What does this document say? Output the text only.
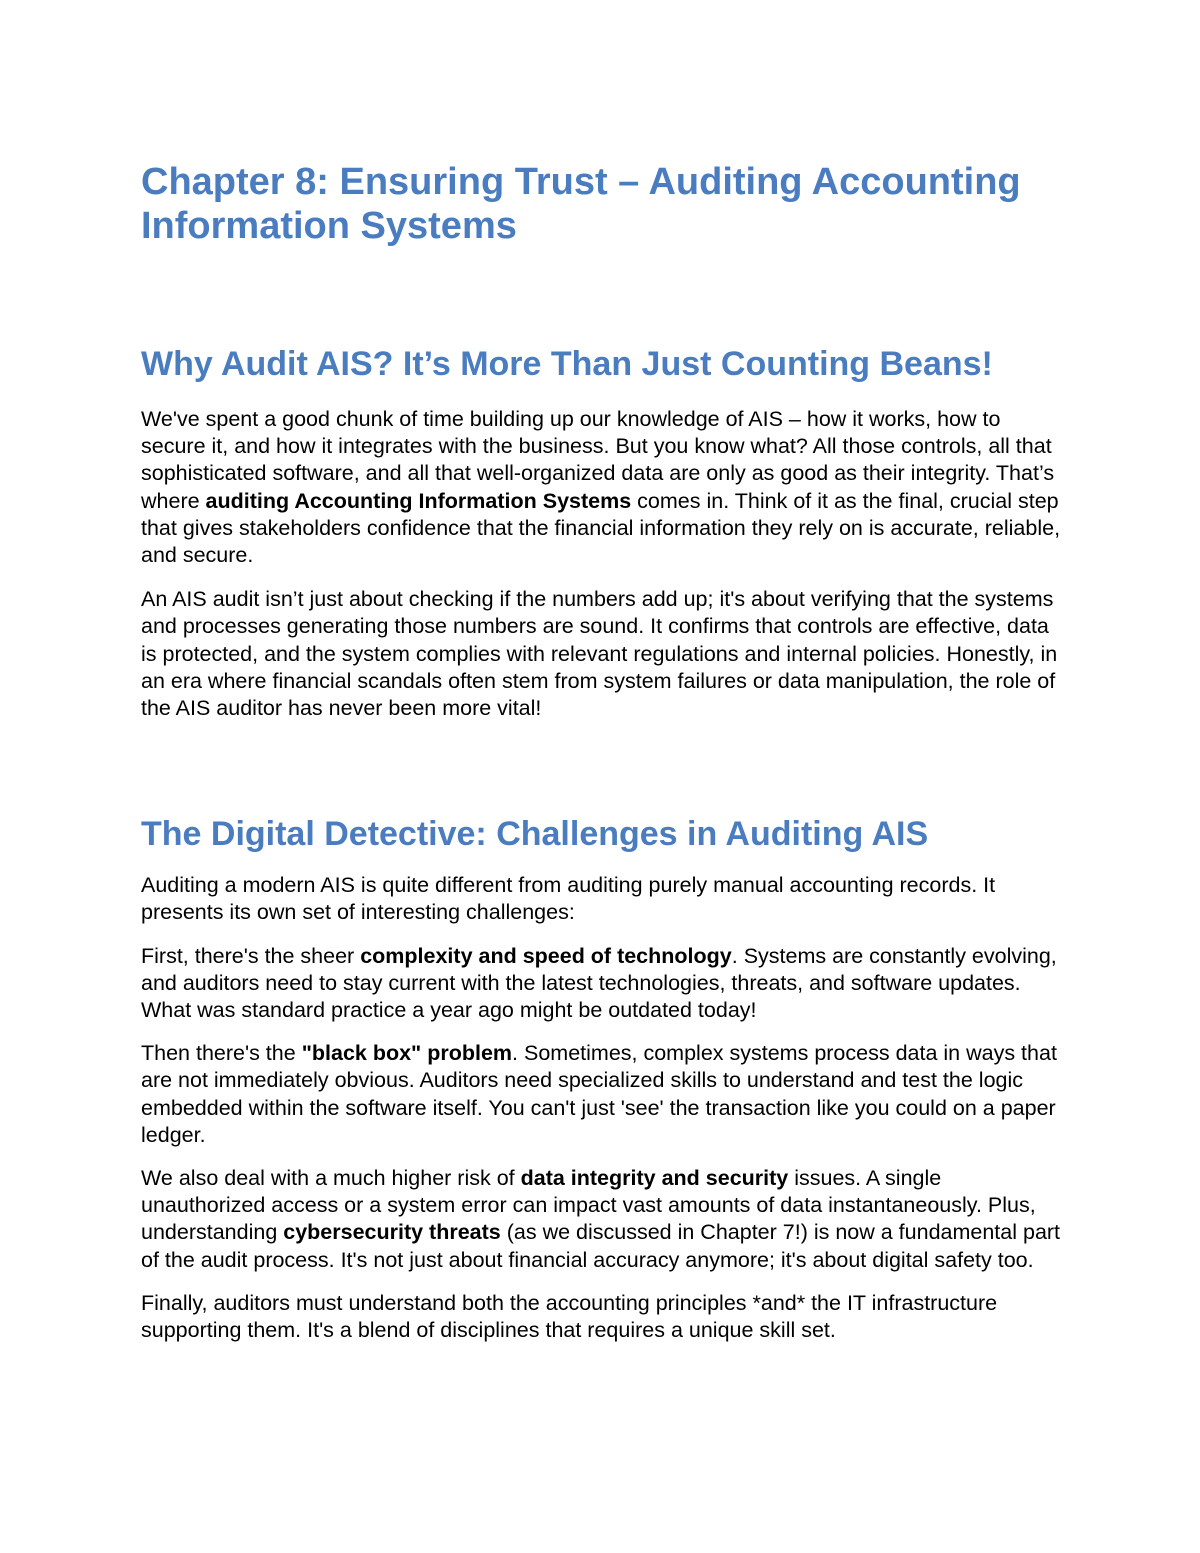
Chapter 8: Ensuring Trust – Auditing Accounting Information Systems
Why Audit AIS? It’s More Than Just Counting Beans!

We've spent a good chunk of time building up our knowledge of AIS – how it works, how to secure it, and how it integrates with the business. But you know what? All those controls, all that sophisticated software, and all that well-organized data are only as good as their integrity. That’s where auditing Accounting Information Systems comes in. Think of it as the final, crucial step that gives stakeholders confidence that the financial information they rely on is accurate, reliable, and secure.

An AIS audit isn’t just about checking if the numbers add up; it's about verifying that the systems and processes generating those numbers are sound. It confirms that controls are effective, data is protected, and the system complies with relevant regulations and internal policies. Honestly, in an era where financial scandals often stem from system failures or data manipulation, the role of the AIS auditor has never been more vital!

The Digital Detective: Challenges in Auditing AIS

Auditing a modern AIS is quite different from auditing purely manual accounting records. It presents its own set of interesting challenges:

First, there's the sheer complexity and speed of technology. Systems are constantly evolving, and auditors need to stay current with the latest technologies, threats, and software updates. What was standard practice a year ago might be outdated today!

Then there's the "black box" problem. Sometimes, complex systems process data in ways that are not immediately obvious. Auditors need specialized skills to understand and test the logic embedded within the software itself. You can't just 'see' the transaction like you could on a paper ledger.

We also deal with a much higher risk of data integrity and security issues. A single unauthorized access or a system error can impact vast amounts of data instantaneously. Plus, understanding cybersecurity threats (as we discussed in Chapter 7!) is now a fundamental part of the audit process. It's not just about financial accuracy anymore; it's about digital safety too.

Finally, auditors must understand both the accounting principles *and* the IT infrastructure supporting them. It's a blend of disciplines that requires a unique skill set.
